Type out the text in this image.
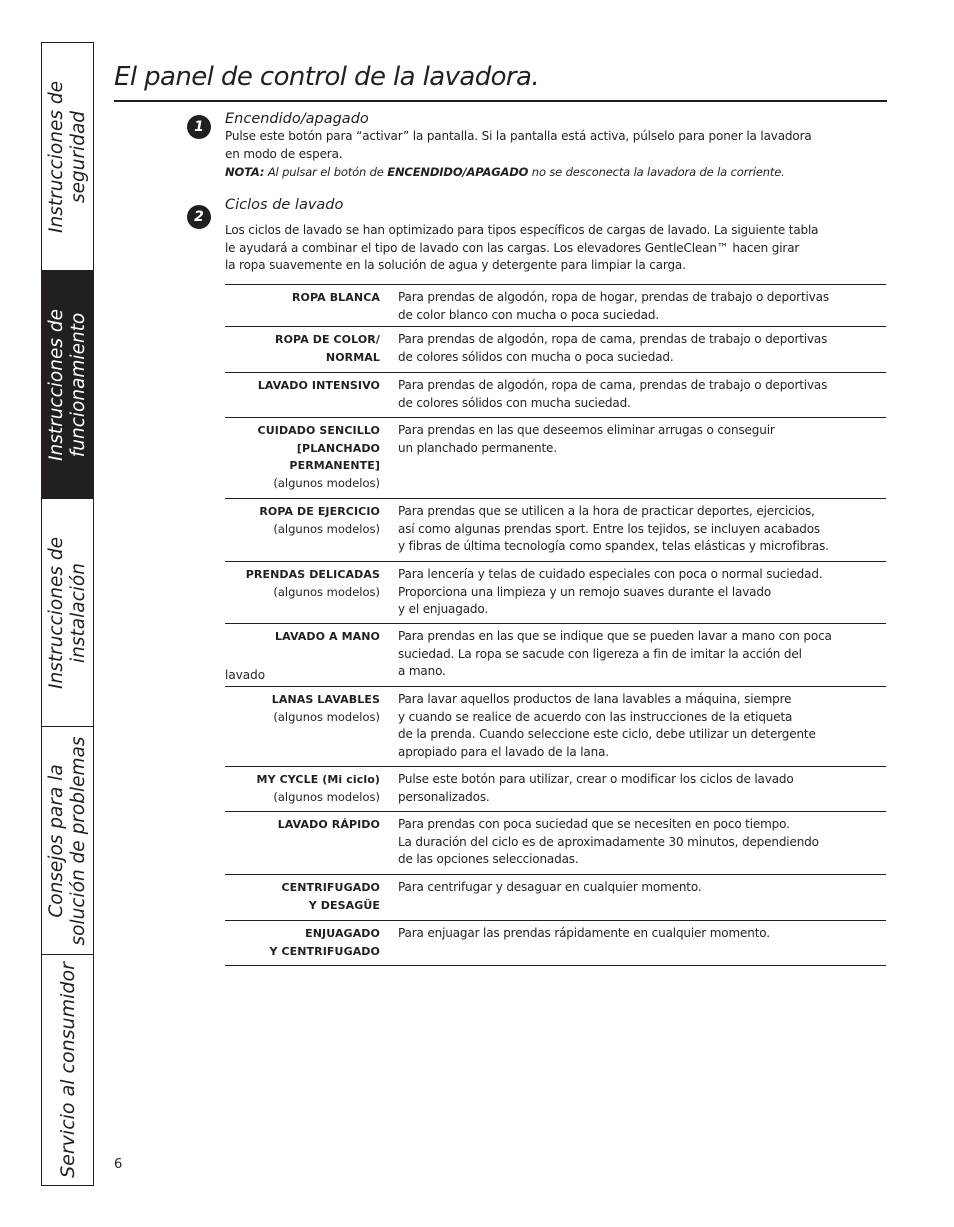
Instrucciones de
seguridad
Instrucciones de
funcionamiento
Instrucciones de
instalación
Consejos para la
solución de problemas
Servicio al consumidor
El panel de control de la lavadora.
1	Encendido/apagado
Pulse este botón para “activar” la pantalla. Si la pantalla está activa, púlselo para poner la lavadora
en modo de espera.
NOTA: Al pulsar el botón de ENCENDIDO/APAGADO no se desconecta la lavadora de la corriente.
2
Ciclos de lavado
Los ciclos de lavado se han optimizado para tipos específicos de cargas de lavado. La siguiente tabla
le ayudará a combinar el tipo de lavado con las cargas. Los elevadores GentleClean™ hacen girar
la ropa suavemente en la solución de agua y detergente para limpiar la carga.
ROPA BLANCA Para prendas de algodón, ropa de hogar, prendas de trabajo o deportivas
de color blanco con mucha o poca suciedad.
ROPA DE COLOR/
NORMAL
Para prendas de algodón, ropa de cama, prendas de trabajo o deportivas
de colores sólidos con mucha o poca suciedad.
LAVADO INTENSIVO Para prendas de algodón, ropa de cama, prendas de trabajo o deportivas
de colores sólidos con mucha suciedad.
CUIDADO SENCILLO
[PLANCHADO
PERMANENTE]
(algunos modelos)
Para prendas en las que deseemos eliminar arrugas o conseguir
un planchado permanente.
ROPA DE EJERCICIO
(algunos modelos)
Para prendas que se utilicen a la hora de practicar deportes, ejercicios,
así como algunas prendas sport. Entre los tejidos, se incluyen acabados
y fibras de última tecnología como spandex, telas elásticas y microfibras.
PRENDAS DELICADAS
(algunos modelos)
Para lencería y telas de cuidado especiales con poca o normal suciedad.
Proporciona una limpieza y un remojo suaves durante el lavado
y el enjuagado.
LAVADO A MANO
lavado
Para prendas en las que se indique que se pueden lavar a mano con poca
suciedad. La ropa se sacude con ligereza a fin de imitar la acción del
a mano.
LANAS LAVABLES
(algunos modelos)
Para lavar aquellos productos de lana lavables a máquina, siempre
y cuando se realice de acuerdo con las instrucciones de la etiqueta
de la prenda. Cuando seleccione este ciclo, debe utilizar un detergente
apropiado para el lavado de la lana.
MY CYCLE (Mi ciclo)
(algunos modelos)
Pulse este botón para utilizar, crear o modificar los ciclos de lavado
personalizados.
LAVADO RÁPIDO Para prendas con poca suciedad que se necesiten en poco tiempo.
La duración del ciclo es de aproximadamente 30 minutos, dependiendo
de las opciones seleccionadas.
CENTRIFUGADO
Y DESAGÜE
Para centrifugar y desaguar en cualquier momento.
ENJUAGADO
Y CENTRIFUGADO
Para enjuagar las prendas rápidamente en cualquier momento.
6
